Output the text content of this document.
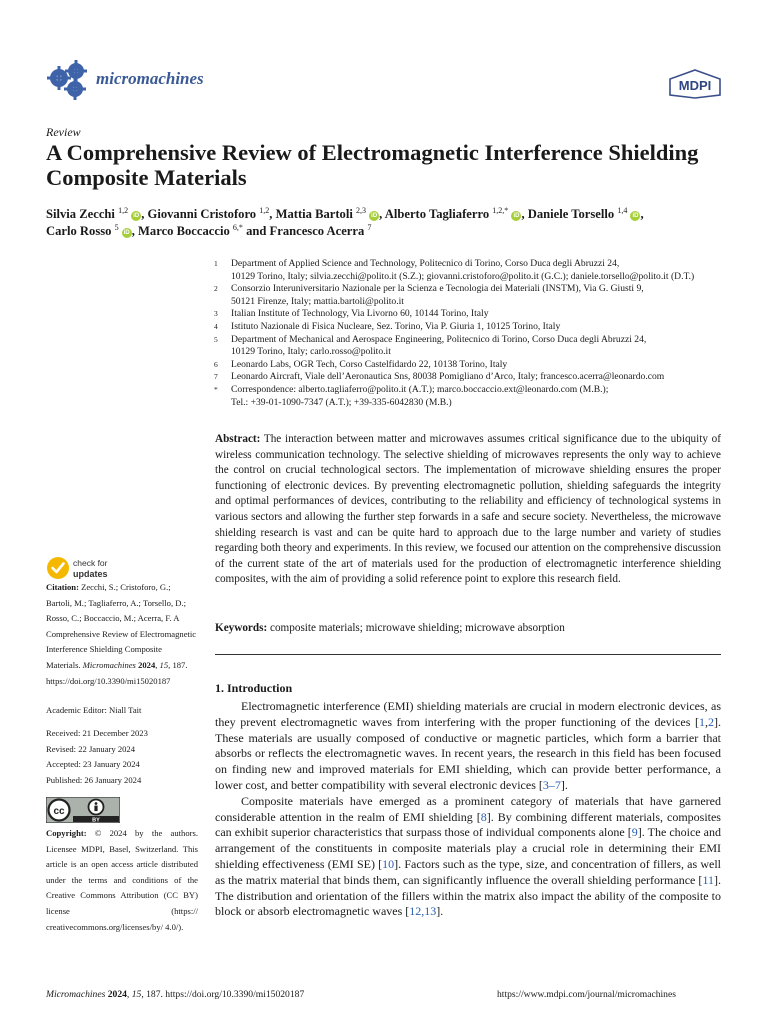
micromachines	MDPI
Review
A Comprehensive Review of Electromagnetic Interference Shielding Composite Materials
Silvia Zecchi $^{1,2}$ iD , Giovanni Cristoforo $^{1,2}$, Mattia Bartoli $^{2,3}$ iD , Alberto Tagliaferro $^{1,2,*}$ iD , Daniele Torsello $^{1,4}$ iD ,
Carlo Rosso $^5$ iD , Marco Boccaccio $^{6,*}$ and Francesco Acerra $^7$
1	Department of Applied Science and Technology, Politecnico di Torino, Corso Duca degli Abruzzi 24,
10129 Torino, Italy; silvia.zecchi@polito.it (S.Z.); giovanni.cristoforo@polito.it (G.C.); daniele.torsello@polito.it (D.T.)
2	Consorzio Interuniversitario Nazionale per la Scienza e Tecnologia dei Materiali (INSTM), Via G. Giusti 9,
50121 Firenze, Italy; mattia.bartoli@polito.it
3	Italian Institute of Technology, Via Livorno 60, 10144 Torino, Italy
4	Istituto Nazionale di Fisica Nucleare, Sez. Torino, Via P. Giuria 1, 10125 Torino, Italy
5	Department of Mechanical and Aerospace Engineering, Politecnico di Torino, Corso Duca degli Abruzzi 24,
10129 Torino, Italy; carlo.rosso@polito.it
6	Leonardo Labs, OGR Tech, Corso Castelfidardo 22, 10138 Torino, Italy
7	Leonardo Aircraft, Viale dell’Aeronautica Sns, 80038 Pomigliano d’Arco, Italy; francesco.acerra@leonardo.com
*	Correspondence: alberto.tagliaferro@polito.it (A.T.); marco.boccaccio.ext@leonardo.com (M.B.);
Tel.: +39-01-1090-7347 (A.T.); +39-335-6042830 (M.B.)
Abstract: The interaction between matter and microwaves assumes critical significance due to the ubiquity of wireless communication technology. The selective shielding of microwaves represents the only way to achieve the control on crucial technological sectors. The implementation of microwave shielding ensures the proper functioning of electronic devices. By preventing electromagnetic pollution, shielding safeguards the integrity and optimal performances of devices, contributing to the reliability and efficiency of technological systems in various sectors and allowing the further step forwards in a safe and secure society. Nevertheless, the microwave shielding research is vast and can be quite hard to approach due to the large number and variety of studies regarding both theory and experiments. In this review, we focused our attention on the comprehensive discussion of the current state of the art of materials used for the production of electromagnetic interference shielding composites, with the aim of providing a solid reference point to explore this research field.
Keywords: composite materials; microwave shielding; microwave absorption
1. Introduction

Electromagnetic interference (EMI) shielding materials are crucial in modern electronic devices, as they prevent electromagnetic waves from interfering with the proper functioning of the devices [1,2]. These materials are usually composed of conductive or magnetic particles, which form a barrier that absorbs or reflects the electromagnetic waves. In recent years, the research in this field has been focused on finding new and improved materials for EMI shielding, which can provide better performance, a lower cost, and better compatibility with several electronic devices [3–7].

Composite materials have emerged as a prominent category of materials that have garnered considerable attention in the realm of EMI shielding [8]. By combining different materials, composites can exhibit superior characteristics that surpass those of individual components alone [9]. The choice and arrangement of the constituents in composite materials play a crucial role in determining their EMI shielding effectiveness (EMI SE) [10]. Factors such as the type, size, and concentration of fillers, as well as the matrix material that binds them, can significantly influence the overall shielding performance [11]. The distribution and orientation of the fillers within the matrix also impact the ability of the composite to block or absorb electromagnetic waves [12,13].

check for
updates
Citation: Zecchi, S.; Cristoforo, G.; Bartoli, M.; Tagliaferro, A.; Torsello, D.; Rosso, C.; Boccaccio, M.; Acerra, F. A Comprehensive Review of Electromagnetic Interference Shielding Composite Materials. Micromachines 2024, 15, 187. https://doi.org/10.3390/mi15020187
Academic Editor: Niall Tait
Received: 21 December 2023
Revised: 22 January 2024
Accepted: 23 January 2024
Published: 26 January 2024
cc
BY
Copyright: © 2024 by the authors. Licensee MDPI, Basel, Switzerland. This article is an open access article distributed under the terms and conditions of the Creative Commons Attribution (CC BY) license (https:// creativecommons.org/licenses/by/ 4.0/).
Micromachines 2024, 15, 187. https://doi.org/10.3390/mi15020187	https://www.mdpi.com/journal/micromachines
